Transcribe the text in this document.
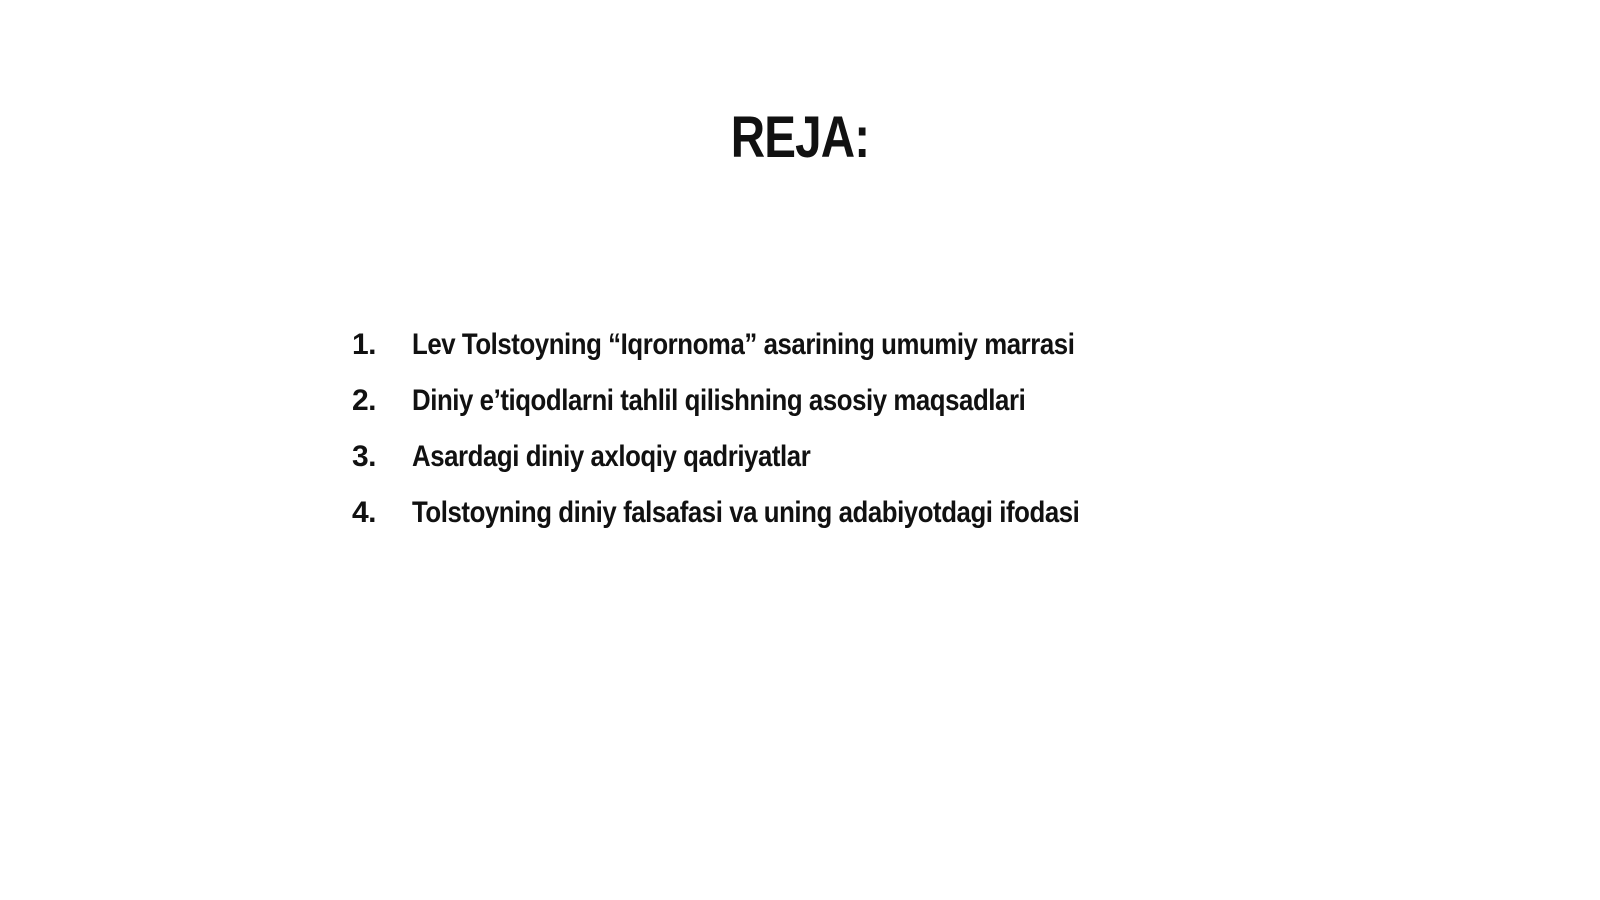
REJA:
1.	Lev Tolstoyning “Iqrornoma” asarining umumiy marrasi
2.	Diniy e’tiqodlarni tahlil qilishning asosiy maqsadlari
3.	Asardagi diniy axloqiy qadriyatlar
4.	Tolstoyning diniy falsafasi va uning adabiyotdagi ifodasi
